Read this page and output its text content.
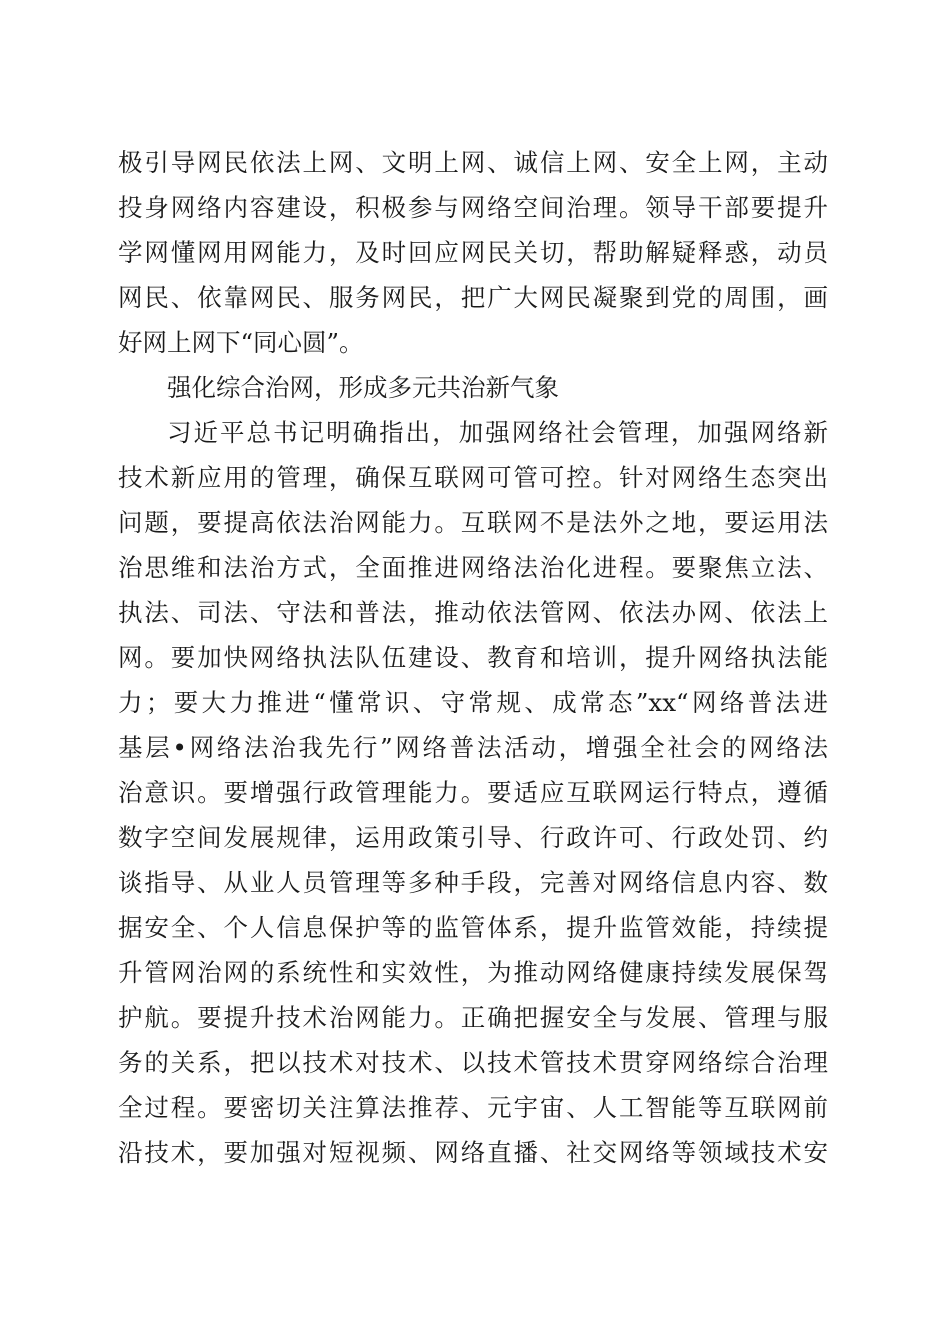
极引导网民依法上网、文明上网、诚信上网、安全上网，主动

投身网络内容建设，积极参与网络空间治理。领导干部要提升

学网懂网用网能力，及时回应网民关切，帮助解疑释惑，动员

网民、依靠网民、服务网民，把广大网民凝聚到党的周围，画

好网上网下“同心圆”。

强化综合治网，形成多元共治新气象

习近平总书记明确指出，加强网络社会管理，加强网络新

技术新应用的管理，确保互联网可管可控。针对网络生态突出

问题，要提高依法治网能力。互联网不是法外之地，要运用法

治思维和法治方式，全面推进网络法治化进程。要聚焦立法、

执法、司法、守法和普法，推动依法管网、依法办网、依法上

网。要加快网络执法队伍建设、教育和培训，提升网络执法能

力；要大力推进“懂常识、守常规、成常态”xx“网络普法进

基层•网络法治我先行”网络普法活动，增强全社会的网络法

治意识。要增强行政管理能力。要适应互联网运行特点，遵循

数字空间发展规律，运用政策引导、行政许可、行政处罚、约

谈指导、从业人员管理等多种手段，完善对网络信息内容、数

据安全、个人信息保护等的监管体系，提升监管效能，持续提

升管网治网的系统性和实效性，为推动网络健康持续发展保驾

护航。要提升技术治网能力。正确把握安全与发展、管理与服

务的关系，把以技术对技术、以技术管技术贯穿网络综合治理

全过程。要密切关注算法推荐、元宇宙、人工智能等互联网前

沿技术，要加强对短视频、网络直播、社交网络等领域技术安
